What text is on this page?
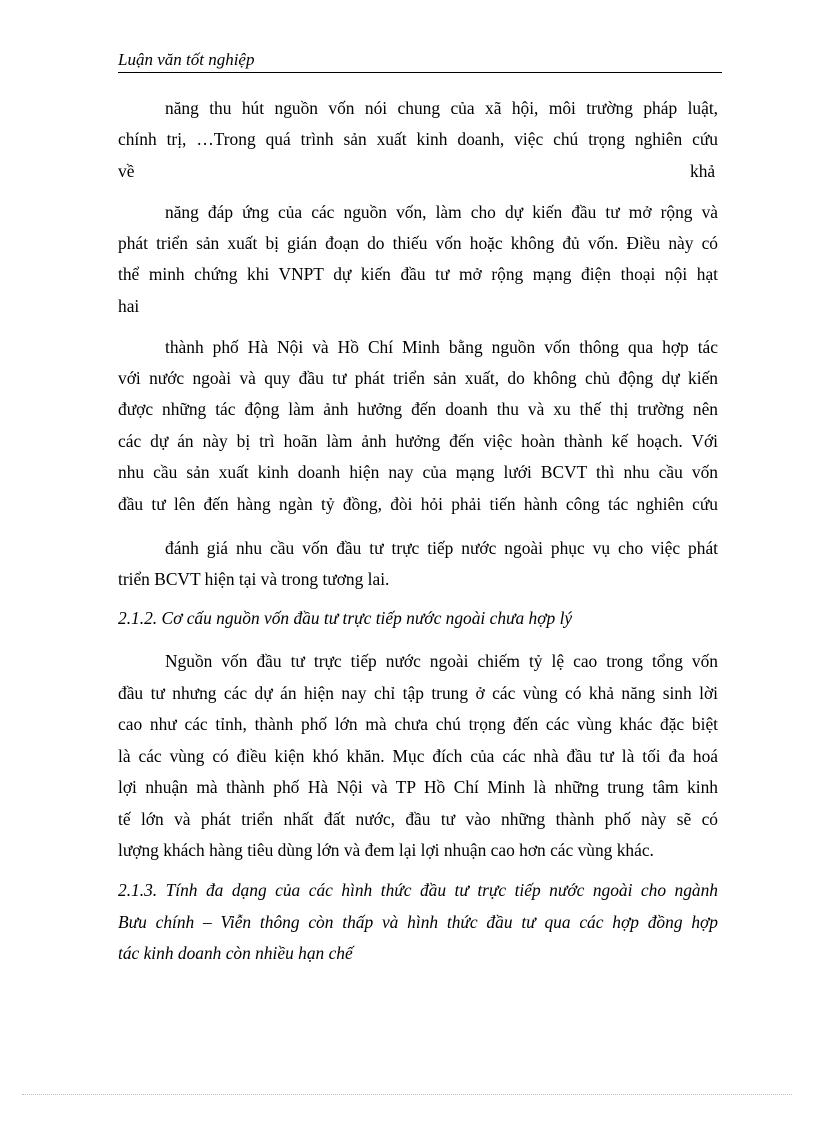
Luận văn tốt nghiệp

năng thu hút nguồn vốn nói chung của xã hội, môi trường pháp luật,

chính trị, …Trong quá trình sản xuất kinh doanh, việc chú trọng nghiên cứu

về	khả

năng đáp ứng của các nguồn vốn, làm cho dự kiến đầu tư mở rộng và

phát triển sản xuất bị gián đoạn do thiếu vốn hoặc không đủ vốn. Điều này có

thể minh chứng khi VNPT dự kiến đầu tư mở rộng mạng điện thoại nội hạt

hai

thành phố Hà Nội và Hồ Chí Minh bằng nguồn vốn thông qua hợp tác

với nước ngoài và quy đầu tư phát triển sản xuất, do không chủ động dự kiến

được những tác động làm ảnh hưởng đến doanh thu và xu thế thị trường nên

các dự án này bị trì hoãn làm ảnh hưởng đến việc hoàn thành kế hoạch. Với

nhu cầu sản xuất kinh doanh hiện nay của mạng lưới BCVT thì nhu cầu vốn

đầu tư lên đến hàng ngàn tỷ đồng, đòi hỏi phải tiến hành công tác nghiên cứu

đánh giá nhu cầu vốn đầu tư trực tiếp nước ngoài phục vụ cho việc phát

triển BCVT hiện tại và trong tương lai.

2.1.2. Cơ cấu nguồn vốn đầu tư trực tiếp nước ngoài chưa hợp lý

Nguồn vốn đầu tư trực tiếp nước ngoài chiếm tỷ lệ cao trong tổng vốn

đầu tư nhưng các dự án hiện nay chỉ tập trung ở các vùng có khả năng sinh lời

cao như các tỉnh, thành phố lớn mà chưa chú trọng đến các vùng khác đặc biệt

là các vùng có điều kiện khó khăn. Mục đích của các nhà đầu tư là tối đa hoá

lợi nhuận mà thành phố Hà Nội và TP Hồ Chí Minh là những trung tâm kinh

tế lớn và phát triển nhất đất nước, đầu tư vào những thành phố này sẽ có

lượng khách hàng tiêu dùng lớn và đem lại lợi nhuận cao hơn các vùng khác.

2.1.3. Tính đa dạng của các hình thức đầu tư trực tiếp nước ngoài cho ngành

Bưu chính – Viễn thông còn thấp và hình thức đầu tư qua các hợp đồng hợp

tác kinh doanh còn nhiều hạn chế
